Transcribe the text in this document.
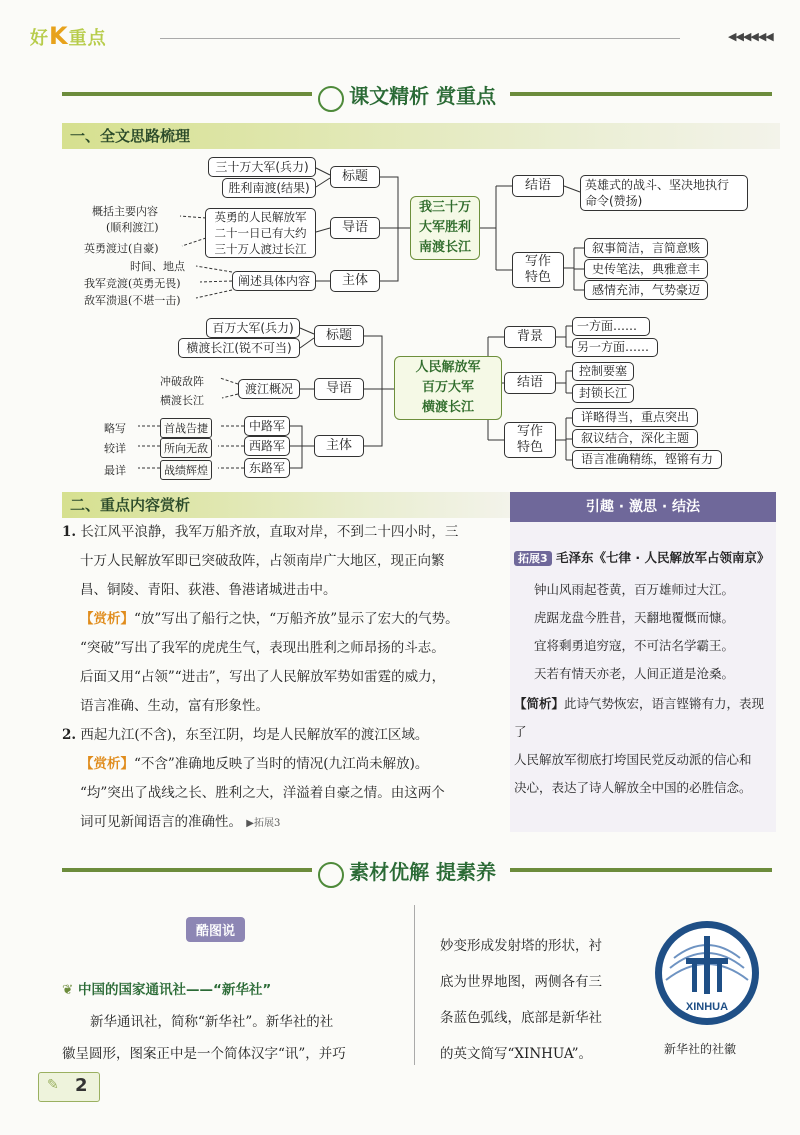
好K重点	◀◀◀◀◀◀
课文精析 赏重点
一、全文思路梳理
三十万大军(兵力)
胜利南渡(结果)
英勇的人民解放军
二十一日已有大约
三十万人渡过长江
阐述具体内容
标题
导语
主体
我三十万
大军胜利
南渡长江
结语
写作
特色
英雄式的战斗、坚决地执行
命令(赞扬)
叙事简洁，言简意赅
史传笔法，典雅意丰
感情充沛，气势豪迈
概括主要内容
(顺利渡江)
英勇渡过(自豪)
时间、地点
我军竞渡(英勇无畏)
敌军溃退(不堪一击)
百万大军(兵力)
横渡长江(锐不可当)
渡江概况
中路军
西路军
东路军
标题
导语
主体
人民解放军
百万大军
横渡长江
背景
结语
写作
特色
一方面……
另一方面……
控制要塞
封锁长江
详略得当，重点突出
叙议结合，深化主题
语言准确精练，铿锵有力
冲破敌阵
横渡长江
略写
较详
最详
首战告捷
所向无敌
战绩辉煌
二、重点内容赏析
1. 长江风平浪静，我军万船齐放，直取对岸，不到二十四小时，三
十万人民解放军即已突破敌阵，占领南岸广大地区，现正向繁
昌、铜陵、青阳、荻港、鲁港诸城进击中。
【赏析】“放”写出了船行之快，“万船齐放”显示了宏大的气势。
“突破”写出了我军的虎虎生气，表现出胜利之师昂扬的斗志。
后面又用“占领”“进击”，写出了人民解放军势如雷霆的威力，
语言准确、生动，富有形象性。
2. 西起九江(不含)，东至江阴，均是人民解放军的渡江区域。
【赏析】“不含”准确地反映了当时的情况(九江尚未解放)。
“均”突出了战线之长、胜利之大，洋溢着自豪之情。由这两个
词可见新闻语言的准确性。 ▶拓展3
引趣 · 激思 · 结法
拓展3 毛泽东《七律 · 人民解放军占领南京》
钟山风雨起苍黄，百万雄师过大江。
虎踞龙盘今胜昔，天翻地覆慨而慷。
宜将剩勇追穷寇，不可沽名学霸王。
天若有情天亦老，人间正道是沧桑。
【简析】此诗气势恢宏，语言铿锵有力，表现了
人民解放军彻底打垮国民党反动派的信心和
决心，表达了诗人解放全中国的必胜信念。
素材优解 提素养
酷图说
❦ 中国的国家通讯社——“新华社”
新华通讯社，简称“新华社”。新华社的社
徽呈圆形，图案正中是一个简体汉字“讯”，并巧
妙变形成发射塔的形状，衬
底为世界地图，两侧各有三
条蓝色弧线，底部是新华社
的英文简写“XINHUA”。
XINHUA
新华社的社徽
✎ 2
